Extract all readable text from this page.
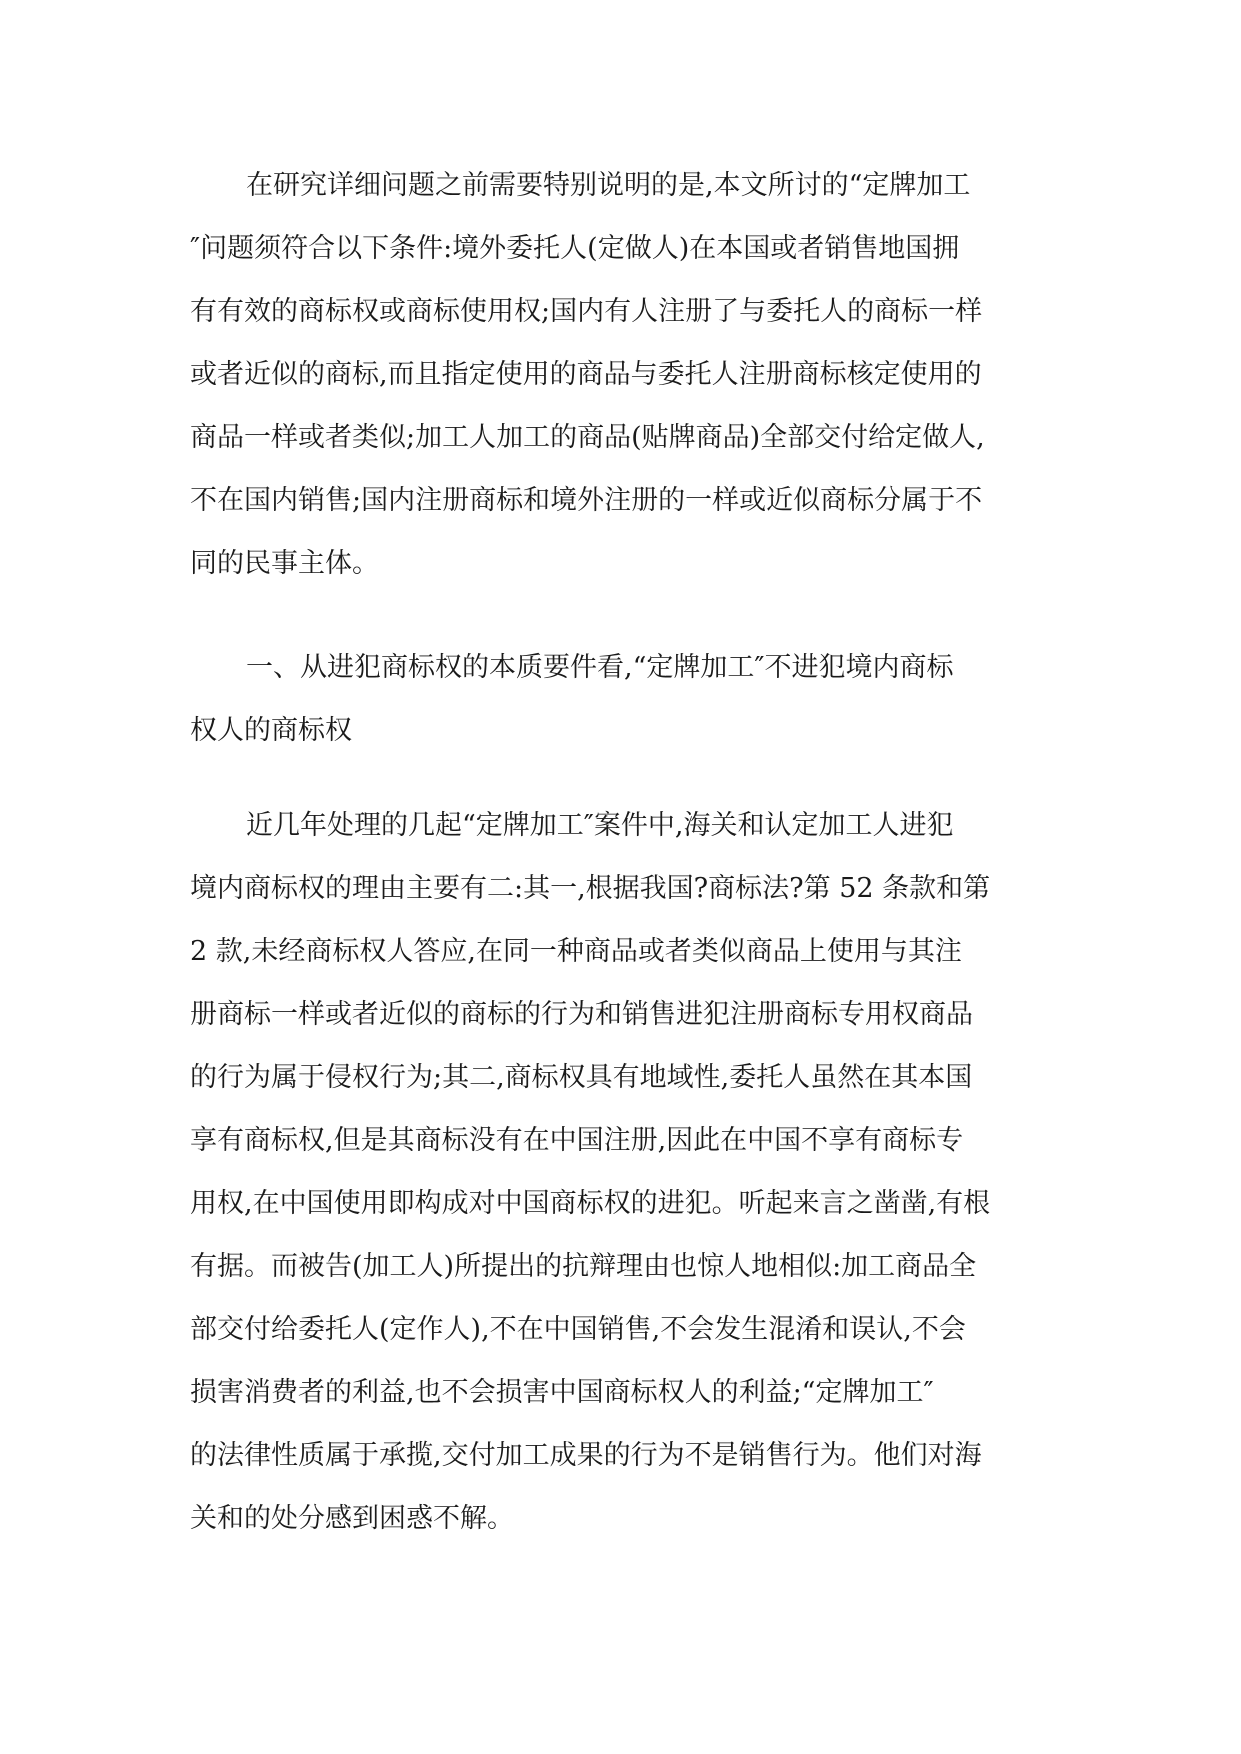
在研究详细问题之前需要特别说明的是,本文所讨的“定牌加工
″问题须符合以下条件:境外委托人(定做人)在本国或者销售地国拥
有有效的商标权或商标使用权;国内有人注册了与委托人的商标一样
或者近似的商标,而且指定使用的商品与委托人注册商标核定使用的
商品一样或者类似;加工人加工的商品(贴牌商品)全部交付给定做人,
不在国内销售;国内注册商标和境外注册的一样或近似商标分属于不
同的民事主体。
一、从进犯商标权的本质要件看,“定牌加工″不进犯境内商标
权人的商标权
近几年处理的几起“定牌加工″案件中,海关和认定加工人进犯
境内商标权的理由主要有二:其一,根据我国?商标法?第 52 条款和第
2 款,未经商标权人答应,在同一种商品或者类似商品上使用与其注
册商标一样或者近似的商标的行为和销售进犯注册商标专用权商品
的行为属于侵权行为;其二,商标权具有地域性,委托人虽然在其本国
享有商标权,但是其商标没有在中国注册,因此在中国不享有商标专
用权,在中国使用即构成对中国商标权的进犯。听起来言之凿凿,有根
有据。而被告(加工人)所提出的抗辩理由也惊人地相似:加工商品全
部交付给委托人(定作人),不在中国销售,不会发生混淆和误认,不会
损害消费者的利益,也不会损害中国商标权人的利益;“定牌加工″
的法律性质属于承揽,交付加工成果的行为不是销售行为。他们对海
关和的处分感到困惑不解。
